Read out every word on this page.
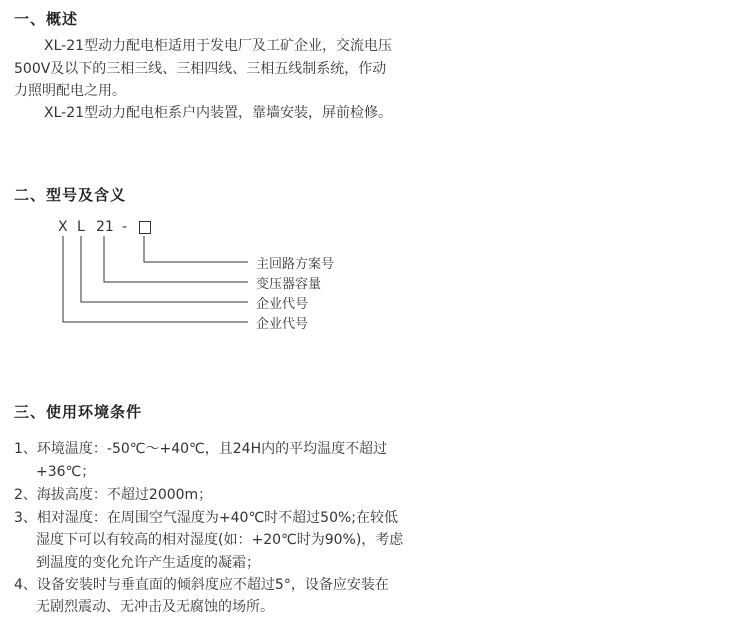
一、概述
XL-21型动力配电柜适用于发电厂及工矿企业，交流电压
500V及以下的三相三线、三相四线、三相五线制系统，作动
力照明配电之用。
XL-21型动力配电柜系户内装置，靠墙安装，屏前检修。
二、型号及含义
X L 21 -
主回路方案号
变压器容量
企业代号
企业代号
三、使用环境条件
1、环境温度：-50℃～+40℃，且24H内的平均温度不超过
+36℃；
2、海拔高度：不超过2000m；
3、相对湿度：在周围空气湿度为+40℃时不超过50%;在较低
湿度下可以有较高的相对湿度(如：+20℃时为90%)，考虑
到温度的变化允许产生适度的凝霜；
4、设备安装时与垂直面的倾斜度应不超过5°，设备应安装在
无剧烈震动、无冲击及无腐蚀的场所。
